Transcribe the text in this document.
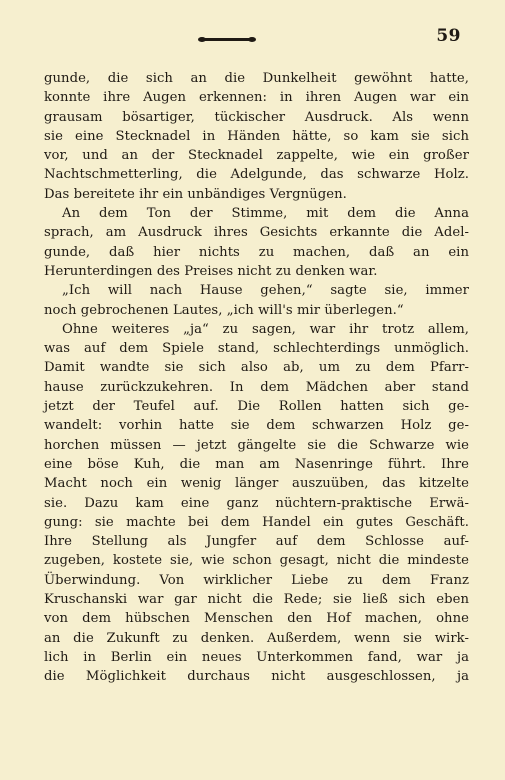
59
gunde, die sich an die Dunkelheit gewöhnt hatte,
konnte ihre Augen erkennen: in ihren Augen war ein
grausam bösartiger, tückischer Ausdruck. Als wenn
sie eine Stecknadel in Händen hätte, so kam sie sich
vor, und an der Stecknadel zappelte, wie ein großer
Nachtschmetterling, die Adelgunde, das schwarze Holz.
Das bereitete ihr ein unbändiges Vergnügen.
An dem Ton der Stimme, mit dem die Anna
sprach, am Ausdruck ihres Gesichts erkannte die Adel-
gunde, daß hier nichts zu machen, daß an ein
Herunterdingen des Preises nicht zu denken war.
„Ich will nach Hause gehen,“ sagte sie, immer
noch gebrochenen Lautes, „ich will's mir überlegen.“
Ohne weiteres „ja“ zu sagen, war ihr trotz allem,
was auf dem Spiele stand, schlechterdings unmöglich.
Damit wandte sie sich also ab, um zu dem Pfarr-
hause zurückzukehren. In dem Mädchen aber stand
jetzt der Teufel auf. Die Rollen hatten sich ge-
wandelt: vorhin hatte sie dem schwarzen Holz ge-
horchen müssen — jetzt gängelte sie die Schwarze wie
eine böse Kuh, die man am Nasenringe führt. Ihre
Macht noch ein wenig länger auszuüben, das kitzelte
sie. Dazu kam eine ganz nüchtern-praktische Erwä-
gung: sie machte bei dem Handel ein gutes Geschäft.
Ihre Stellung als Jungfer auf dem Schlosse auf-
zugeben, kostete sie, wie schon gesagt, nicht die mindeste
Überwindung. Von wirklicher Liebe zu dem Franz
Kruschanski war gar nicht die Rede; sie ließ sich eben
von dem hübschen Menschen den Hof machen, ohne
an die Zukunft zu denken. Außerdem, wenn sie wirk-
lich in Berlin ein neues Unterkommen fand, war ja
die Möglichkeit durchaus nicht ausgeschlossen, ja
